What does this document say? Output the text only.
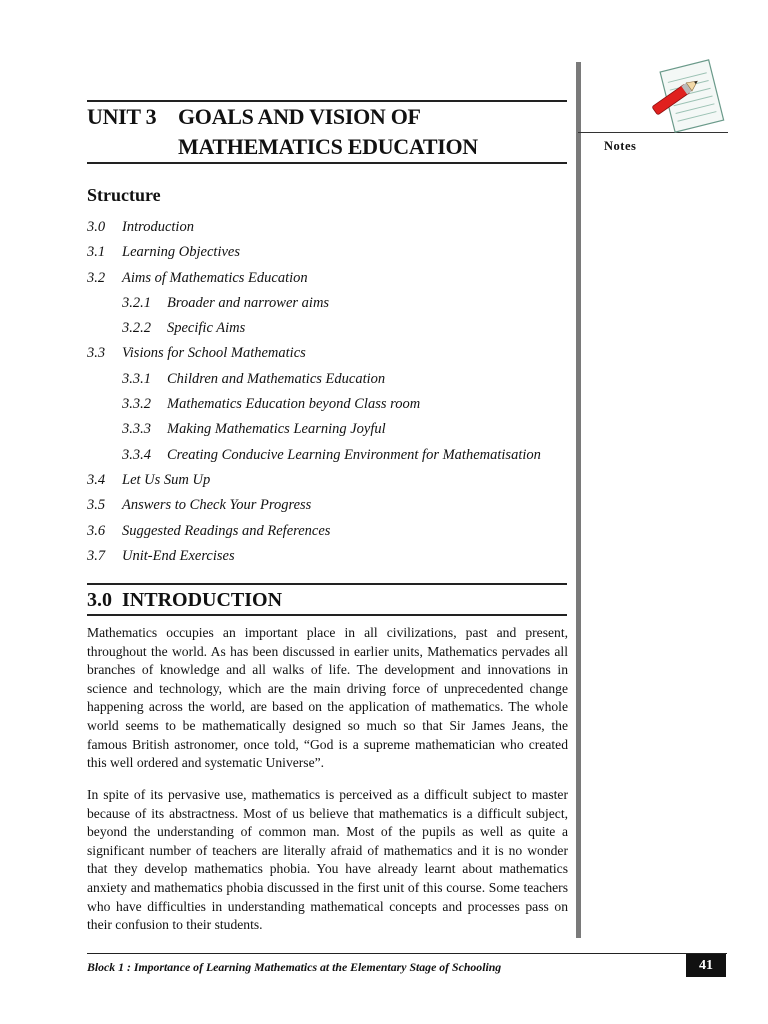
UNIT 3 GOALS AND VISION OF
MATHEMATICS EDUCATION	Notes
Structure
3.0 Introduction
3.1 Learning Objectives
3.2 Aims of Mathematics Education
3.2.1 Broader and narrower aims
3.2.2 Specific Aims
3.3 Visions for School Mathematics
3.3.1 Children and Mathematics Education
3.3.2 Mathematics Education beyond Class room
3.3.3 Making Mathematics Learning Joyful
3.3.4 Creating Conducive Learning Environment for Mathematisation
3.4 Let Us Sum Up
3.5 Answers to Check Your Progress
3.6 Suggested Readings and References
3.7 Unit-End Exercises
3.0  INTRODUCTION

Mathematics occupies an important place in all civilizations, past and present, throughout the world. As has been discussed in earlier units, Mathematics pervades all branches of knowledge and all walks of life. The development and innovations in science and technology, which are the main driving force of unprecedented change happening across the world, are based on the application of mathematics. The whole world seems to be mathematically designed so much so that Sir James Jeans, the famous British astronomer, once told, “God is a supreme mathematician who created this well ordered and systematic Universe”.

In spite of its pervasive use, mathematics is perceived as a difficult subject to master because of its abstractness. Most of us believe that mathematics is a difficult subject, beyond the understanding of common man. Most of the pupils as well as quite a significant number of teachers are literally afraid of mathematics and it is no wonder that they develop mathematics phobia. You have already learnt about mathematics anxiety and mathematics phobia discussed in the first unit of this course. Some teachers who have difficulties in understanding mathematical concepts and processes pass on their confusion to their students.

Block 1 : Importance of Learning Mathematics at the Elementary Stage of Schooling	41
